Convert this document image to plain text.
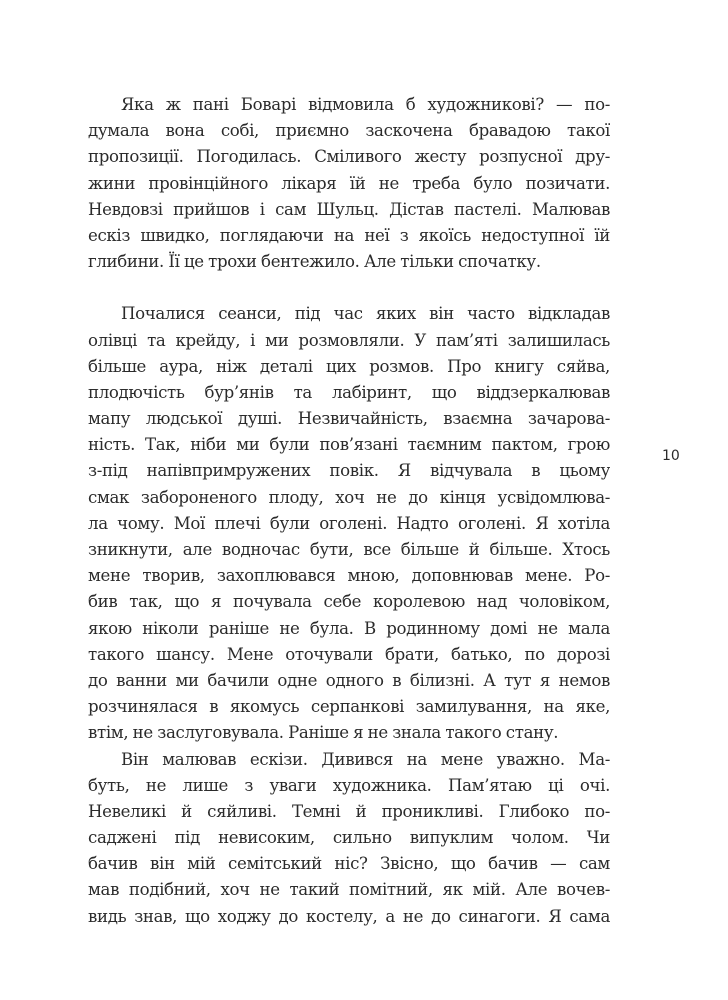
Яка ж пані Боварі відмовила б художникові? — по-
думала вона собі, приємно заскочена бравадою такої
пропозиції. Погодилась. Сміливого жесту розпусної дру-
жини провінційного лікаря їй не треба було позичати.
Невдовзі прийшов і сам Шульц. Дістав пастелі. Малював
ескіз швидко, поглядаючи на неї з якоїсь недоступної їй
глибини. Її це трохи бентежило. Але тільки спочатку.
Почалися сеанси, під час яких він часто відкладав
олівці та крейду, і ми розмовляли. У пам’яті залишилась
більше аура, ніж деталі цих розмов. Про книгу сяйва,
плодючість бур’янів та лабіринт, що віддзеркалював
мапу людської душі. Незвичайність, взаємна зачарова-
ність. Так, ніби ми були пов’язані таємним пактом, грою
з-під напівпримружених повік. Я відчувала в цьому
смак забороненого плоду, хоч не до кінця усвідомлюва-
ла чому. Мої плечі були оголені. Надто оголені. Я хотіла
зникнути, але водночас бути, все більше й більше. Хтось
мене творив, захоплювався мною, доповнював мене. Ро-
бив так, що я почувала себе королевою над чоловіком,
якою ніколи раніше не була. В родинному домі не мала
такого шансу. Мене оточували брати, батько, по дорозі
до ванни ми бачили одне одного в білизні. А тут я немов
розчинялася в якомусь серпанкові замилування, на яке,
втім, не заслуговувала. Раніше я не знала такого стану.
Він малював ескізи. Дивився на мене уважно. Ма-
буть, не лише з уваги художника. Пам’ятаю ці очі.
Невеликі й сяйливі. Темні й проникливі. Глибоко по-
саджені під невисоким, сильно випуклим чолом. Чи
бачив він мій семітський ніс? Звісно, що бачив — сам
мав подібний, хоч не такий помітний, як мій. Але вочев-
видь знав, що ходжу до костелу, а не до синагоги. Я сама
10
